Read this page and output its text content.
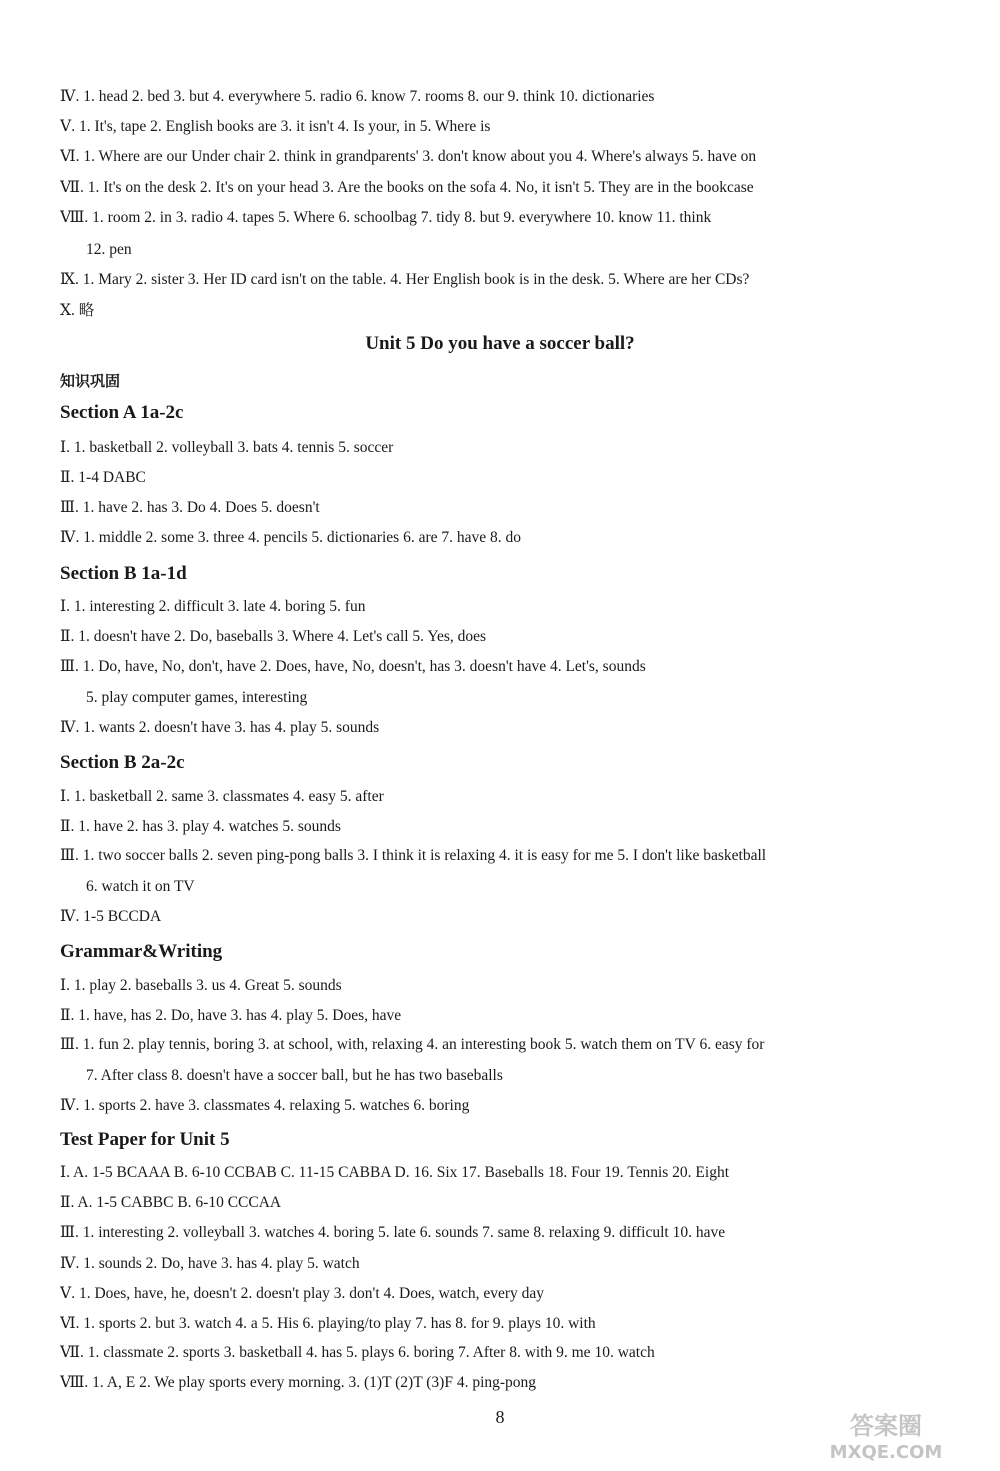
Ⅳ. 1. head 2. bed 3. but 4. everywhere 5. radio 6. know 7. rooms 8. our 9. think 10. dictionaries
Ⅴ. 1. It's, tape 2. English books are 3. it isn't 4. Is your, in 5. Where is
Ⅵ. 1. Where are our Under chair 2. think in grandparents' 3. don't know about you 4. Where's always 5. have on
Ⅶ. 1. It's on the desk 2. It's on your head 3. Are the books on the sofa 4. No, it isn't 5. They are in the bookcase
Ⅷ. 1. room 2. in 3. radio 4. tapes 5. Where 6. schoolbag 7. tidy 8. but 9. everywhere 10. know 11. think
12. pen
Ⅸ. 1. Mary 2. sister 3. Her ID card isn't on the table. 4. Her English book is in the desk. 5. Where are her CDs?
Ⅹ. 略
Unit 5 Do you have a soccer ball?
知识巩固
Section A 1a-2c
Ⅰ. 1. basketball 2. volleyball 3. bats 4. tennis 5. soccer
Ⅱ. 1-4 DABC
Ⅲ. 1. have 2. has 3. Do 4. Does 5. doesn't
Ⅳ. 1. middle 2. some 3. three 4. pencils 5. dictionaries 6. are 7. have 8. do
Section B 1a-1d
Ⅰ. 1. interesting 2. difficult 3. late 4. boring 5. fun
Ⅱ. 1. doesn't have 2. Do, baseballs 3. Where 4. Let's call 5. Yes, does
Ⅲ. 1. Do, have, No, don't, have 2. Does, have, No, doesn't, has 3. doesn't have 4. Let's, sounds
5. play computer games, interesting
Ⅳ. 1. wants 2. doesn't have 3. has 4. play 5. sounds
Section B 2a-2c
Ⅰ. 1. basketball 2. same 3. classmates 4. easy 5. after
Ⅱ. 1. have 2. has 3. play 4. watches 5. sounds
Ⅲ. 1. two soccer balls 2. seven ping-pong balls 3. I think it is relaxing 4. it is easy for me 5. I don't like basketball
6. watch it on TV
Ⅳ. 1-5 BCCDA
Grammar&Writing
Ⅰ. 1. play 2. baseballs 3. us 4. Great 5. sounds
Ⅱ. 1. have, has 2. Do, have 3. has 4. play 5. Does, have
Ⅲ. 1. fun 2. play tennis, boring 3. at school, with, relaxing 4. an interesting book 5. watch them on TV 6. easy for
7. After class 8. doesn't have a soccer ball, but he has two baseballs
Ⅳ. 1. sports 2. have 3. classmates 4. relaxing 5. watches 6. boring
Test Paper for Unit 5
Ⅰ. A. 1-5 BCAAA B. 6-10 CCBAB C. 11-15 CABBA D. 16. Six 17. Baseballs 18. Four 19. Tennis 20. Eight
Ⅱ. A. 1-5 CABBC B. 6-10 CCCAA
Ⅲ. 1. interesting 2. volleyball 3. watches 4. boring 5. late 6. sounds 7. same 8. relaxing 9. difficult 10. have
Ⅳ. 1. sounds 2. Do, have 3. has 4. play 5. watch
Ⅴ. 1. Does, have, he, doesn't 2. doesn't play 3. don't 4. Does, watch, every day
Ⅵ. 1. sports 2. but 3. watch 4. a 5. His 6. playing/to play 7. has 8. for 9. plays 10. with
Ⅶ. 1. classmate 2. sports 3. basketball 4. has 5. plays 6. boring 7. After 8. with 9. me 10. watch
Ⅷ. 1. A, E 2. We play sports every morning. 3. (1)T (2)T (3)F 4. ping-pong
8	答案圈
MXQE.COM
